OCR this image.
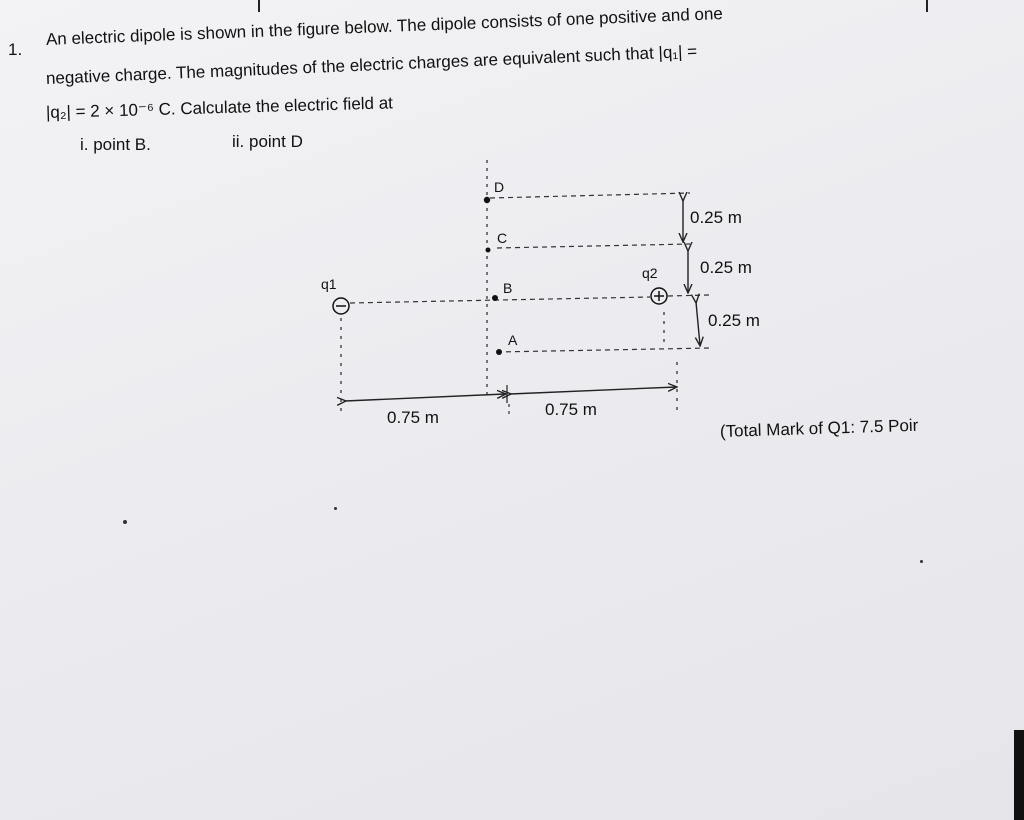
1.
An electric dipole is shown in the figure below. The dipole consists of one positive and one
negative charge. The magnitudes of the electric charges are equivalent such that |q₁| =
|q₂| = 2 × 10⁻⁶ C. Calculate the electric field at
i. point B.	ii. point D
D
C
B
A
q1
q2
0.25 m
0.25 m
0.25 m
0.75 m	0.75 m
(Total Mark of Q1: 7.5 Poir
